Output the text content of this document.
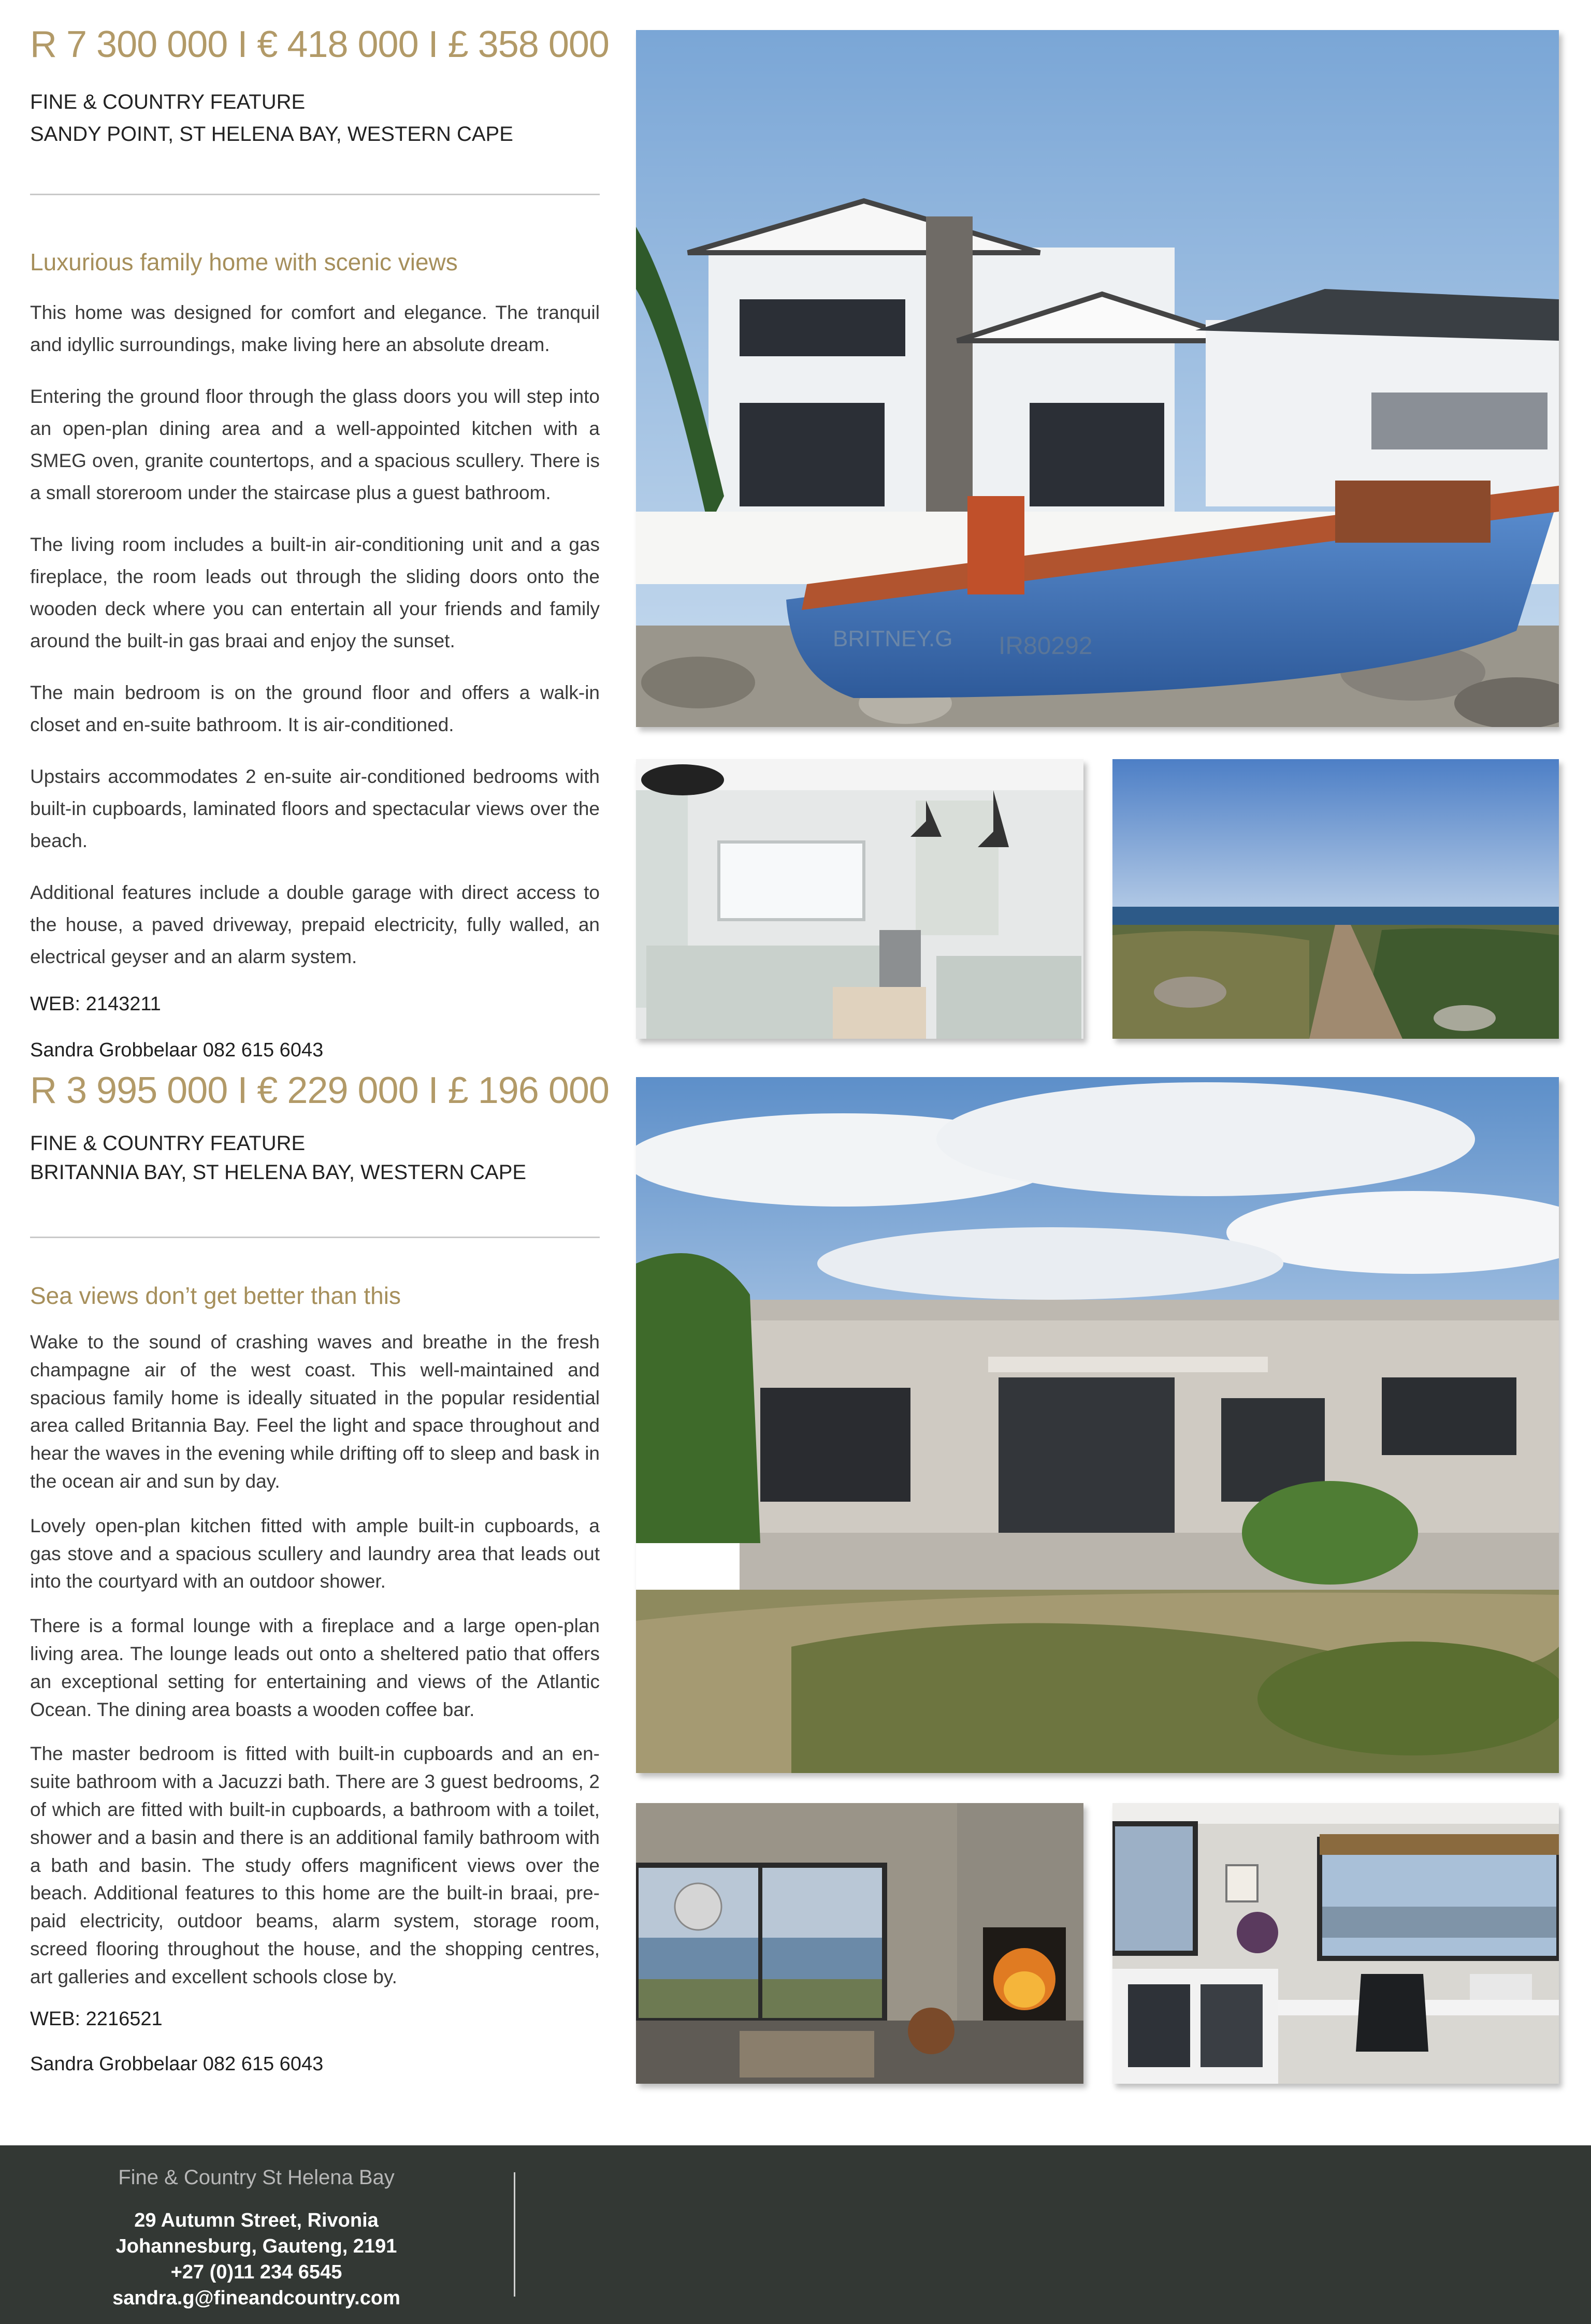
R 7 300 000 I € 418 000 I £ 358 000
FINE & COUNTRY FEATURE
SANDY POINT, ST HELENA BAY, WESTERN CAPE
Luxurious family home with scenic views
This home was designed for comfort and elegance. The tranquil and idyllic surroundings, make living here an absolute dream.
Entering the ground floor through the glass doors you will step into an open-plan dining area and a well-appointed kitchen with a SMEG oven, granite countertops, and a spacious scullery. There is a small storeroom under the staircase plus a guest bathroom.
The living room includes a built-in air-conditioning unit and a gas fireplace, the room leads out through the sliding doors onto the wooden deck where you can entertain all your friends and family around the built-in gas braai and enjoy the sunset.
The main bedroom is on the ground floor and offers a walk-in closet and en-suite bathroom. It is air-conditioned.
Upstairs accommodates 2 en-suite air-conditioned bedrooms with built-in cupboards, laminated floors and spectacular views over the beach.
Additional features include a double garage with direct access to the house, a paved driveway, prepaid electricity, fully walled, an electrical geyser and an alarm system.
WEB: 2143211
Sandra Grobbelaar 082 615 6043
BRITNEY.G IR80292
R 3 995 000 I € 229 000 I £ 196 000
FINE & COUNTRY FEATURE
BRITANNIA BAY, ST HELENA BAY, WESTERN CAPE
Sea views don’t get better than this
Wake to the sound of crashing waves and breathe in the fresh champagne air of the west coast. This well-maintained and spacious family home is ideally situated in the popular residential area called Britannia Bay. Feel the light and space throughout and hear the waves in the evening while drifting off to sleep and bask in the ocean air and sun by day.
Lovely open-plan kitchen fitted with ample built-in cupboards, a gas stove and a spacious scullery and laundry area that leads out into the courtyard with an outdoor shower.
There is a formal lounge with a fireplace and a large open-plan living area. The lounge leads out onto a sheltered patio that offers an exceptional setting for entertaining and views of the Atlantic Ocean. The dining area boasts a wooden coffee bar.
The master bedroom is fitted with built-in cupboards and an en-suite bathroom with a Jacuzzi bath. There are 3 guest bedrooms, 2 of which are fitted with built-in cupboards, a bathroom with a toilet, shower and a basin and there is an additional family bathroom with a bath and basin. The study offers magnificent views over the beach. Additional features to this home are the built-in braai, pre-paid electricity, outdoor beams, alarm system, storage room, screed flooring throughout the house, and the shopping centres, art galleries and excellent schools close by.
WEB: 2216521
Sandra Grobbelaar 082 615 6043
Fine & Country St Helena Bay
29 Autumn Street, Rivonia
Johannesburg, Gauteng, 2191
+27 (0)11 234 6545
sandra.g@fineandcountry.com
